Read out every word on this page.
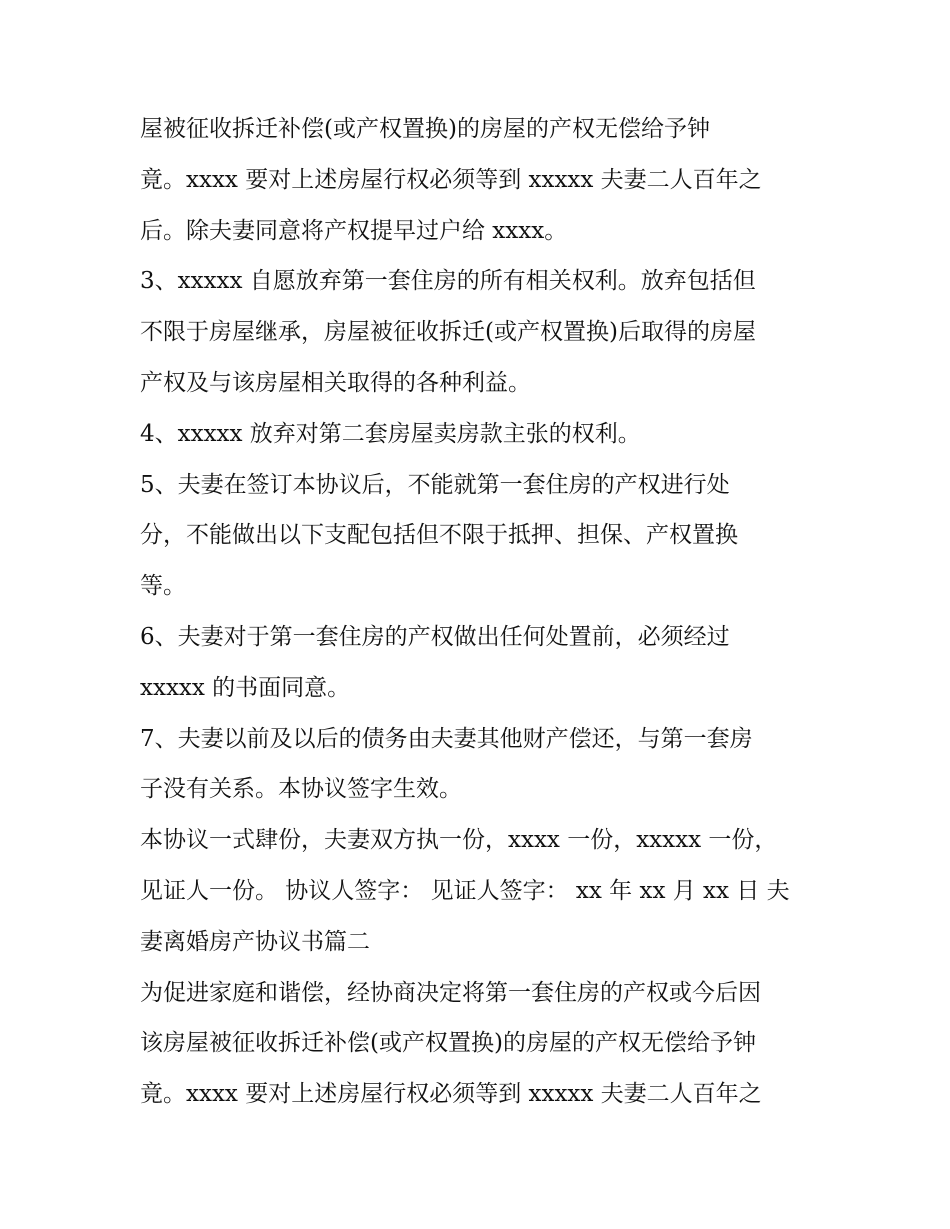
屋被征收拆迁补偿(或产权置换)的房屋的产权无偿给予钟
竟。xxxx 要对上述房屋行权必须等到 xxxxx 夫妻二人百年之
后。除夫妻同意将产权提早过户给 xxxx。
3、xxxxx 自愿放弃第一套住房的所有相关权利。放弃包括但
不限于房屋继承，房屋被征收拆迁(或产权置换)后取得的房屋
产权及与该房屋相关取得的各种利益。
4、xxxxx 放弃对第二套房屋卖房款主张的权利。
5、夫妻在签订本协议后，不能就第一套住房的产权进行处
分，不能做出以下支配包括但不限于抵押、担保、产权置换
等。
6、夫妻对于第一套住房的产权做出任何处置前，必须经过
xxxxx 的书面同意。
7、夫妻以前及以后的债务由夫妻其他财产偿还，与第一套房
子没有关系。本协议签字生效。
本协议一式肆份，夫妻双方执一份，xxxx 一份，xxxxx 一份，
见证人一份。 协议人签字： 见证人签字： xx 年 xx 月 xx 日 夫
妻离婚房产协议书篇二
为促进家庭和谐偿，经协商决定将第一套住房的产权或今后因
该房屋被征收拆迁补偿(或产权置换)的房屋的产权无偿给予钟
竟。xxxx 要对上述房屋行权必须等到 xxxxx 夫妻二人百年之
